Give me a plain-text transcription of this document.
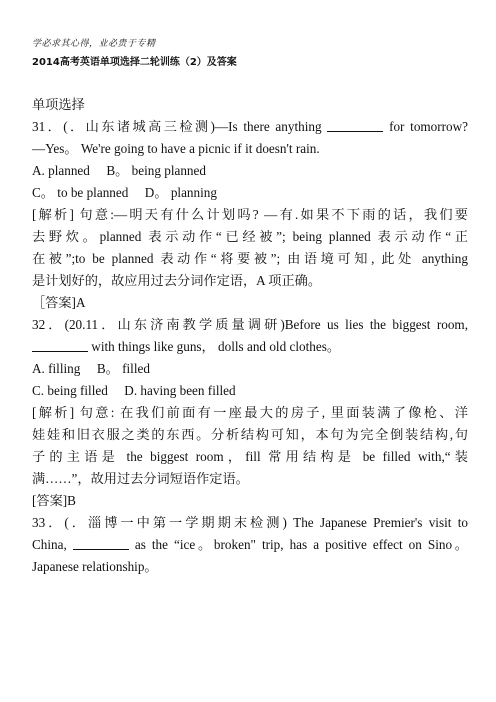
学必求其心得，业必贵于专精
2014高考英语单项选择二轮训练（2）及答案

单项选择

31．(．山东诸城高三检测)—Is there anything	for tomorrow?

—Yes。 We're going to have a picnic if it doesn't rain.

A. planned　 B。 being planned

C。 to be planned　 D。 planning

[解析] 句意:—明天有什么计划吗? —有.如果不下雨的话，我们要

去野炊。planned 表示动作“已经被”; being planned 表示动作“正

在被”;to be planned 表动作“将要被”; 由语境可知, 此处 anything

是计划好的，故应用过去分词作定语，A 项正确。

［答案]A

32．(20.11．山东济南教学质量调研)Before us lies the biggest room,

with things like guns， dolls and old clothes。

A. filling　 B。 filled

C. being filled　 D. having been filled

[解析] 句意: 在我们前面有一座最大的房子, 里面装满了像枪、洋

娃娃和旧衣服之类的东西。分析结构可知，本句为完全倒装结构,句

子的主语是 the biggest room，fill 常用结构是 be filled with,“装

满……”，故用过去分词短语作定语。

[答案]B

33．(．淄博一中第一学期期末检测) The Japanese Premier's visit to

China,	as the “ice。broken" trip, has a positive effect on Sino。

Japanese relationship。
